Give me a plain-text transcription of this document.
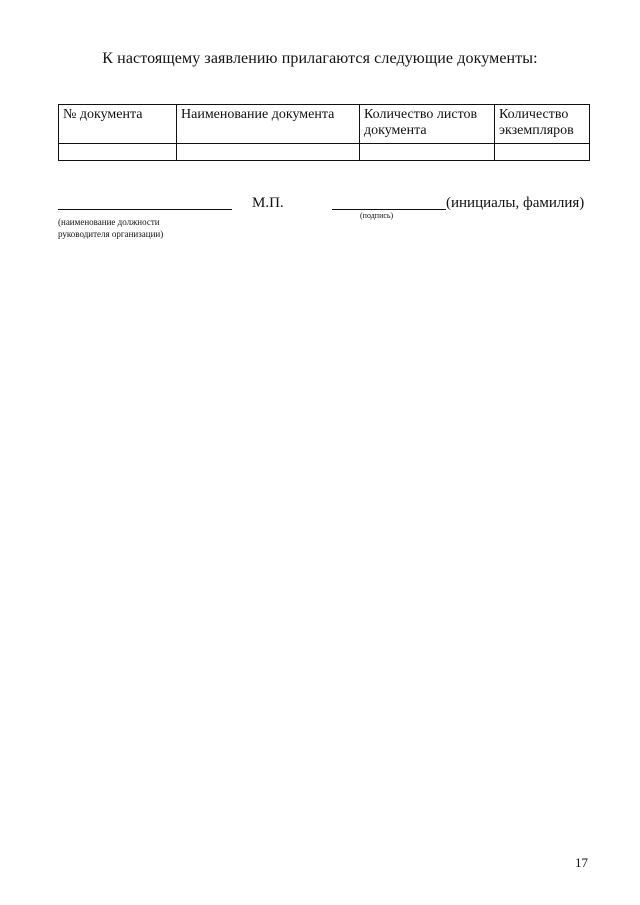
К настоящему заявлению прилагаются следующие документы:
№ документа	Наименование документа	Количество листов документа	Количество экземпляров

(наименование должности
руководителя организации)
М.П.
(подпись)
(инициалы, фамилия)
17
